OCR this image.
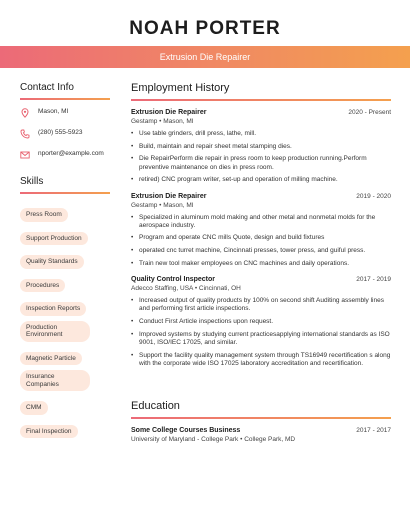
NOAH PORTER
Extrusion Die Repairer
Contact Info
Mason, MI
(280) 555-5923
nporter@example.com
Skills
Press Room
Support Production
Quality Standards
Procedures
Inspection Reports
Production Environment
Magnetic Particle
Insurance Companies
CMM
Final Inspection
Employment History
Extrusion Die Repairer	2020 - Present
Gestamp • Mason, MI
• Use table grinders, drill press, lathe, mill.
• Build, maintain and repair sheet metal stamping dies.
• Die RepairPerform die repair in press room to keep production running.Perform preventive maintenance on dies in press room.
• retired) CNC program writer, set-up and operation of milling machine.
Extrusion Die Repairer	2019 - 2020
Gestamp • Mason, MI
• Specialized in aluminum mold making and other metal and nonmetal molds for the aerospace industry.
• Program and operate CNC mills Quote, design and build fixtures
• operated cnc turret machine, Cincinnati presses, tower press, and guiful press.
• Train new tool maker employees on CNC machines and daily operations.
Quality Control Inspector	2017 - 2019
Adecco Staffing, USA • Cincinnati, OH
• Increased output of quality products by 100% on second shift Auditing assembly lines and performing first article inspections.
• Conduct First Article inspections upon request.
• Improved systems by studying current practicesapplying international standards as ISO 9001, ISO/IEC 17025, and similar.
• Support the facility quality management system through TS16949 recertification s along with the corporate wide ISO 17025 laboratory accreditation and recertification.
Education
Some College Courses Business	2017 - 2017
University of Maryland - College Park • College Park, MD
